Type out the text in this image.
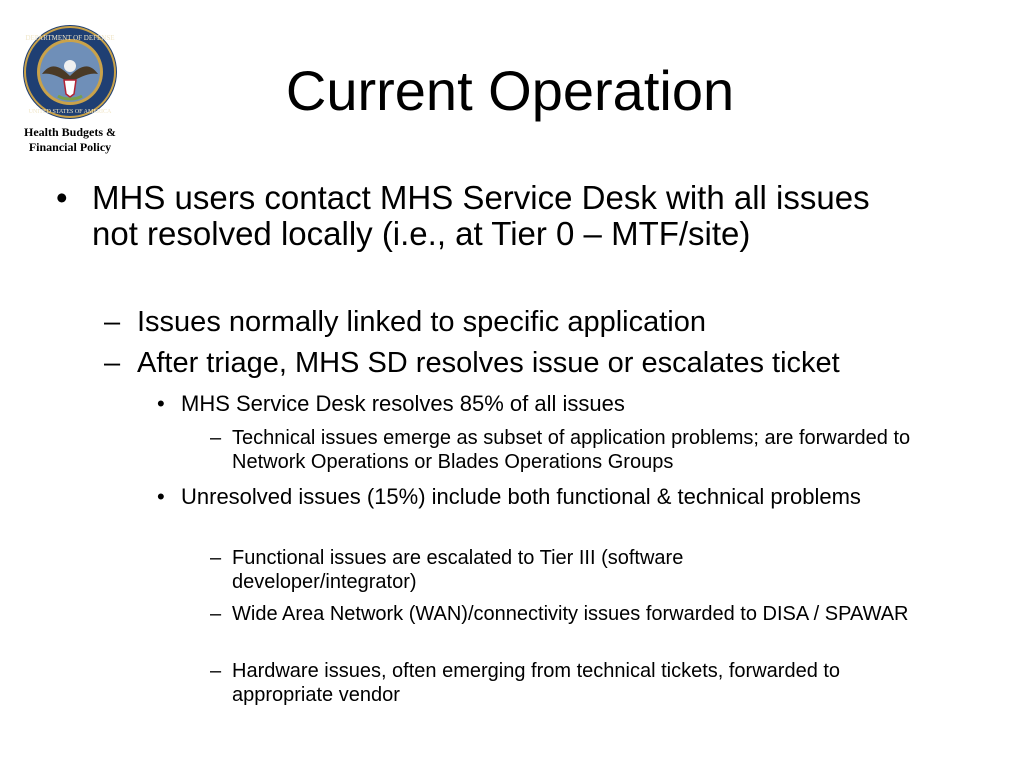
DEPARTMENT OF DEFENSE
UNITED STATES OF AMERICA
Health Budgets &
Financial Policy
Current Operation
• MHS users contact MHS Service Desk with all issues not resolved locally (i.e., at Tier 0 – MTF/site)
– Issues normally linked to specific application
– After triage, MHS SD resolves issue or escalates ticket
• MHS Service Desk resolves 85% of all issues
– Technical issues emerge as subset of application problems; are forwarded to Network Operations or Blades Operations Groups
• Unresolved issues (15%) include both functional & technical problems
– Functional issues are escalated to Tier III (software developer/integrator)
– Wide Area Network (WAN)/connectivity issues forwarded to DISA / SPAWAR
– Hardware issues, often emerging from technical tickets, forwarded to appropriate vendor
